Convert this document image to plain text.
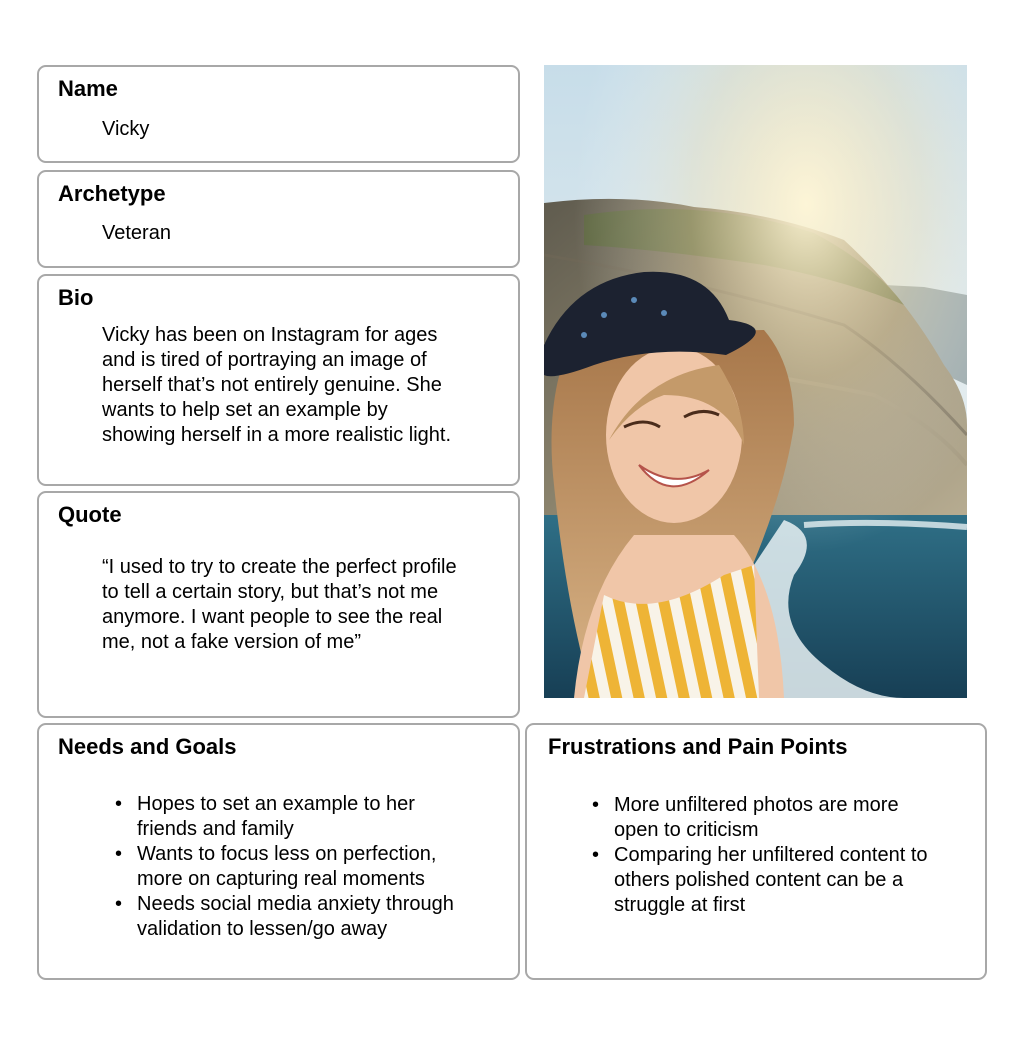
Name
Vicky
Archetype
Veteran
Bio
Vicky has been on Instagram for ages
and is tired of portraying an image of
herself that’s not entirely genuine. She
wants to help set an example by
showing herself in a more realistic light.
Quote
“I used to try to create the perfect profile
to tell a certain story, but that’s not me
anymore. I want people to see the real
me, not a fake version of me”
Needs and Goals
• Hopes to set an example to her
friends and family
• Wants to focus less on perfection,
more on capturing real moments
• Needs social media anxiety through
validation to lessen/go away
Frustrations and Pain Points
• More unfiltered photos are more
open to criticism
• Comparing her unfiltered content to
others polished content can be a
struggle at first
